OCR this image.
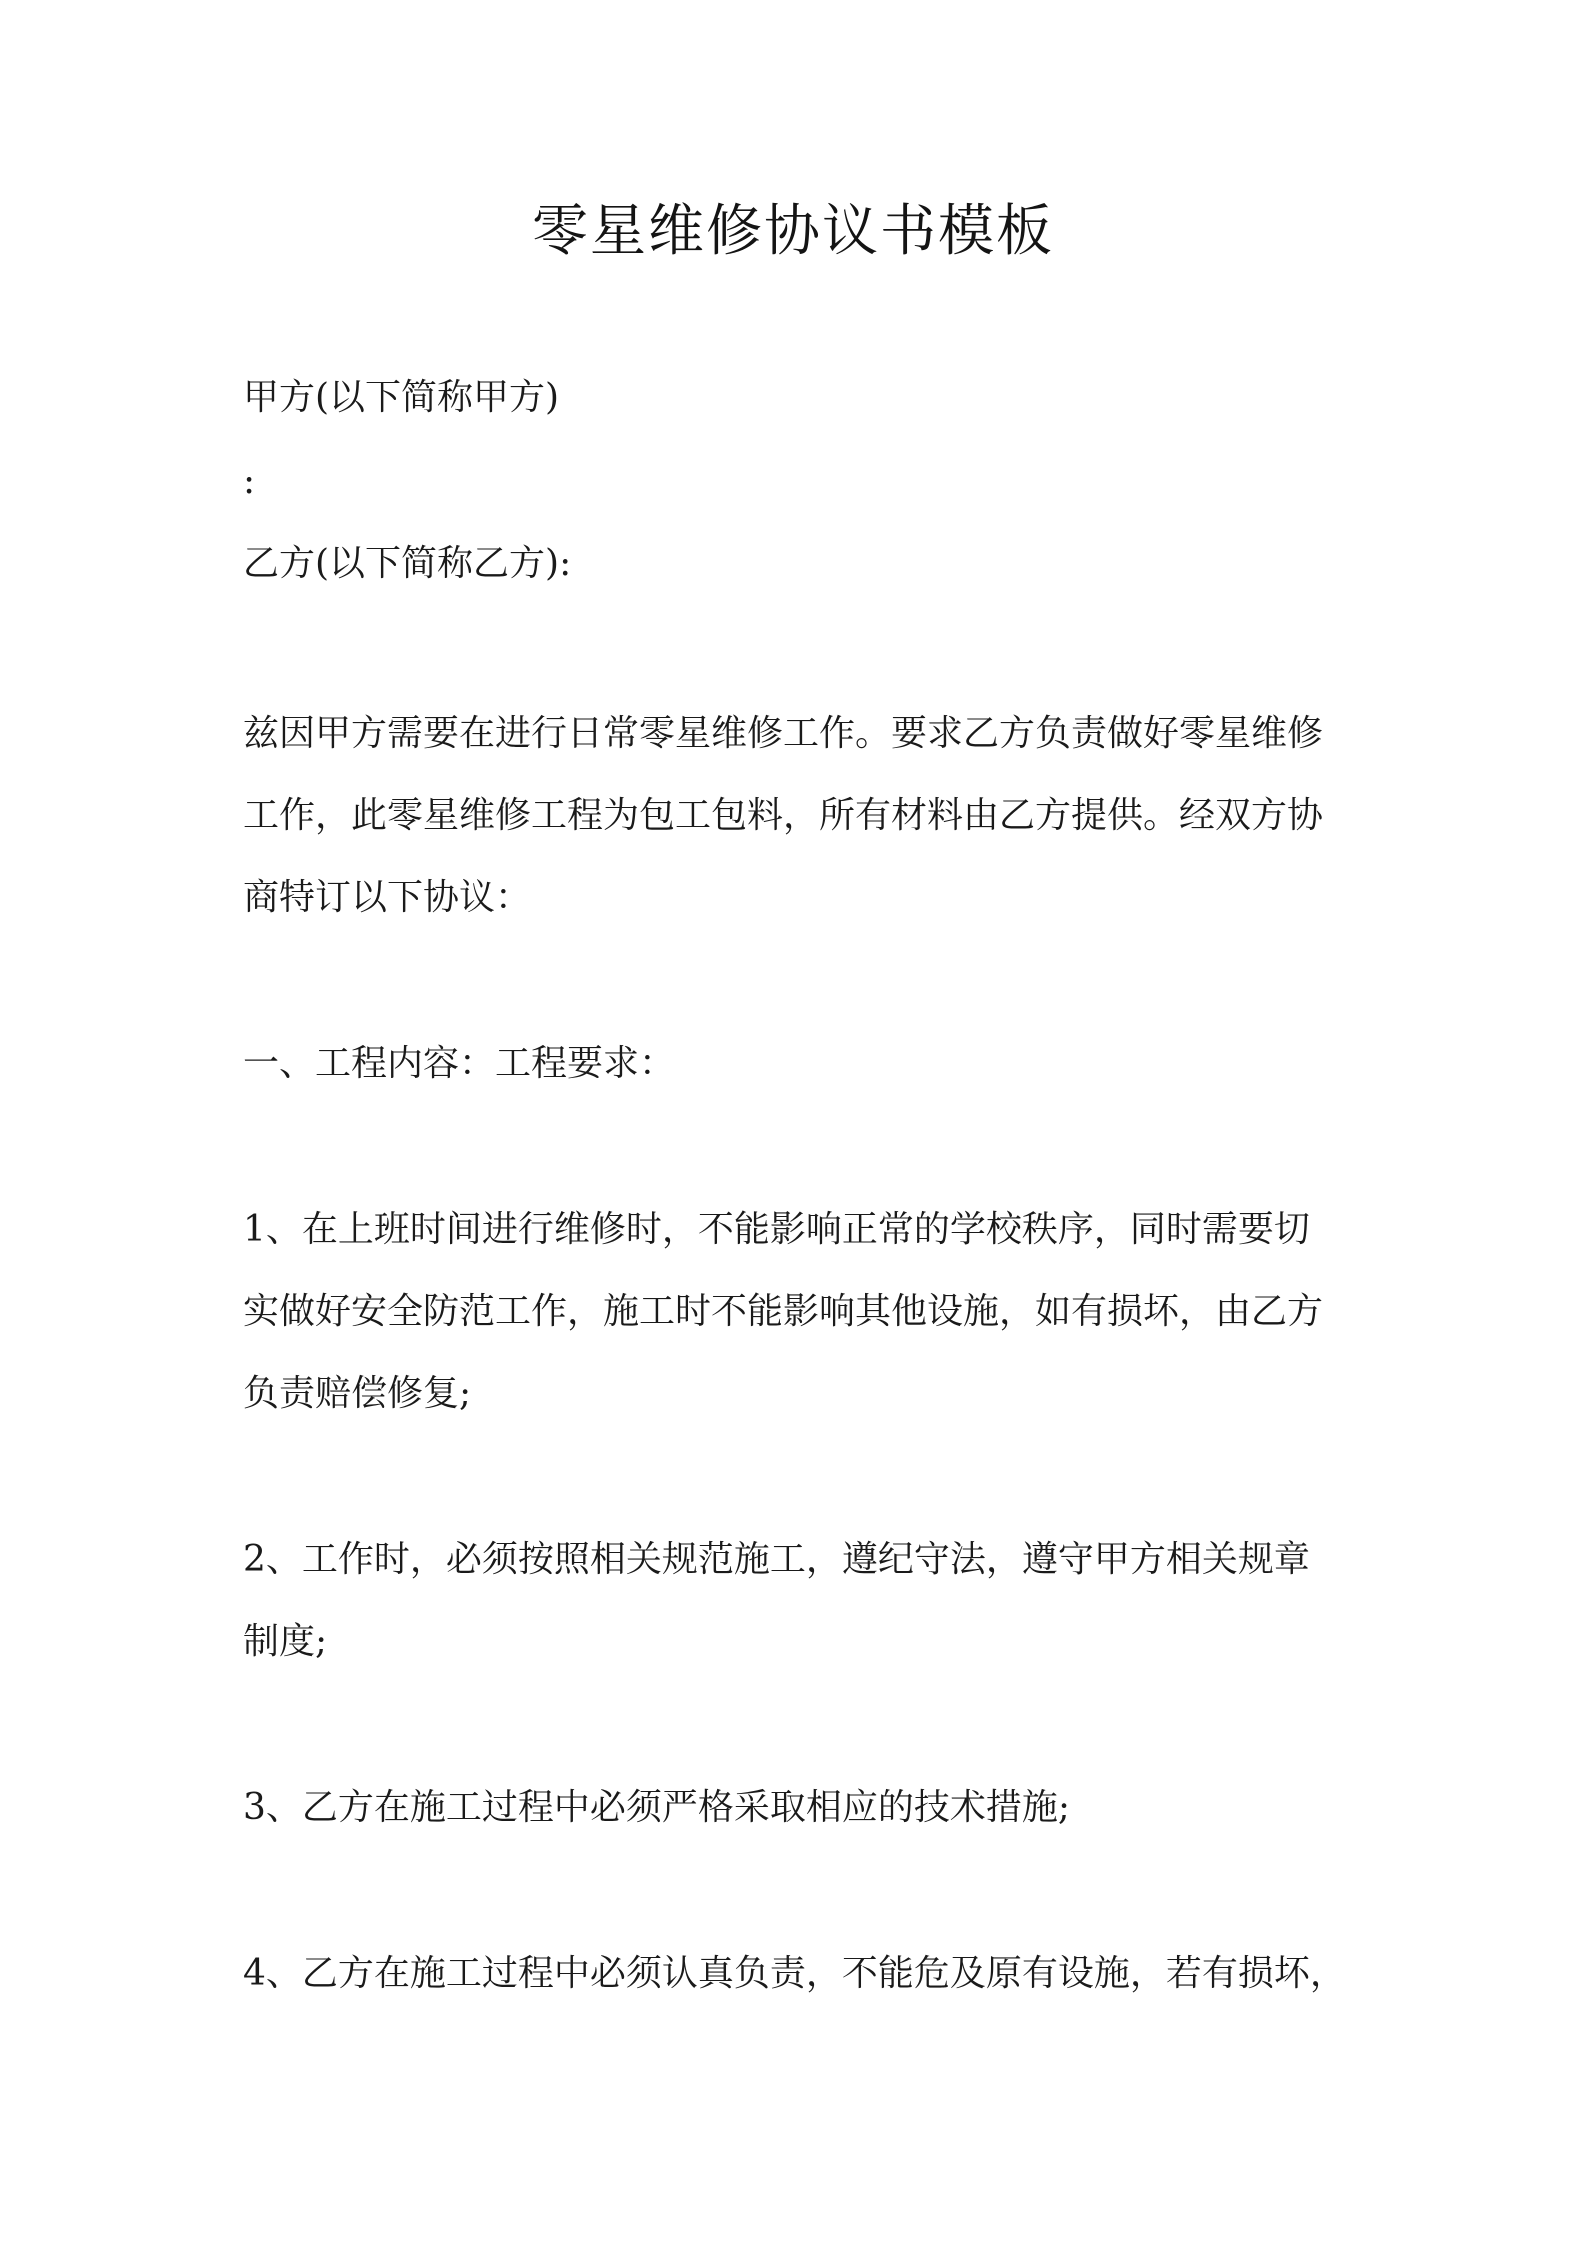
零星维修协议书模板

甲方(以下简称甲方)

:

乙方(以下简称乙方):

兹因甲方需要在进行日常零星维修工作。要求乙方负责做好零星维修

工作，此零星维修工程为包工包料，所有材料由乙方提供。经双方协

商特订以下协议：

一、工程内容：工程要求：

1、在上班时间进行维修时，不能影响正常的学校秩序，同时需要切

实做好安全防范工作，施工时不能影响其他设施，如有损坏，由乙方

负责赔偿修复;

2、工作时，必须按照相关规范施工，遵纪守法，遵守甲方相关规章

制度;

3、乙方在施工过程中必须严格采取相应的技术措施;

4、乙方在施工过程中必须认真负责，不能危及原有设施，若有损坏，
